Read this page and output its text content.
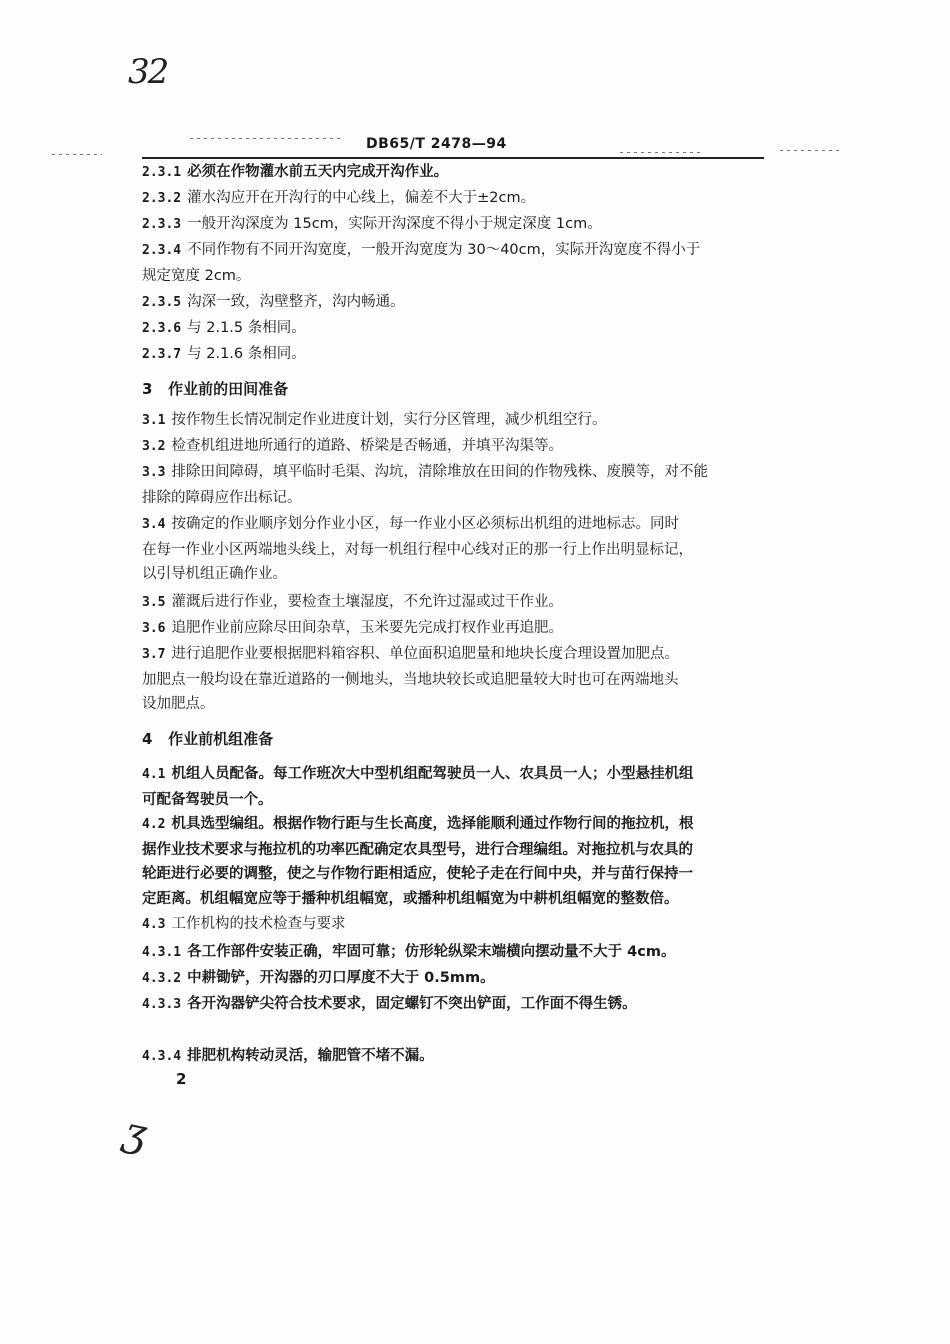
32
DB65/T 2478—94

2.3.1 必须在作物灌水前五天内完成开沟作业。

2.3.2 灌水沟应开在开沟行的中心线上，偏差不大于±2cm。

2.3.3 一般开沟深度为 15cm，实际开沟深度不得小于规定深度 1cm。

2.3.4 不同作物有不同开沟宽度，一般开沟宽度为 30～40cm，实际开沟宽度不得小于
规定宽度 2cm。

2.3.5 沟深一致，沟壁整齐，沟内畅通。

2.3.6 与 2.1.5 条相同。

2.3.7 与 2.1.6 条相同。

3 作业前的田间准备

3.1 按作物生长情况制定作业进度计划，实行分区管理，减少机组空行。

3.2 检查机组进地所通行的道路、桥梁是否畅通，并填平沟渠等。

3.3 排除田间障碍，填平临时毛渠、沟坑，清除堆放在田间的作物残株、废膜等，对不能
排除的障碍应作出标记。

3.4 按确定的作业顺序划分作业小区，每一作业小区必须标出机组的进地标志。同时
在每一作业小区两端地头线上，对每一机组行程中心线对正的那一行上作出明显标记，
以引导机组正确作业。

3.5 灌溉后进行作业，要检查土壤湿度，不允许过湿或过干作业。

3.6 追肥作业前应除尽田间杂草，玉米要先完成打杈作业再追肥。

3.7 进行追肥作业要根据肥料箱容积、单位面积追肥量和地块长度合理设置加肥点。
加肥点一般均设在靠近道路的一侧地头，当地块较长或追肥量较大时也可在两端地头
设加肥点。

4 作业前机组准备

4.1 机组人员配备。每工作班次大中型机组配驾驶员一人、农具员一人；小型悬挂机组
可配备驾驶员一个。

4.2 机具选型编组。根据作物行距与生长高度，选择能顺利通过作物行间的拖拉机，根
据作业技术要求与拖拉机的功率匹配确定农具型号，进行合理编组。对拖拉机与农具的
轮距进行必要的调整，使之与作物行距相适应，使轮子走在行间中央，并与苗行保持一
定距离。机组幅宽应等于播种机组幅宽，或播种机组幅宽为中耕机组幅宽的整数倍。

4.3 工作机构的技术检查与要求

4.3.1 各工作部件安装正确，牢固可靠；仿形轮纵梁末端横向摆动量不大于 4cm。

4.3.2 中耕锄铲，开沟器的刃口厚度不大于 0.5mm。

4.3.3 各开沟器铲尖符合技术要求，固定螺钉不突出铲面，工作面不得生锈。

4.3.4 排肥机构转动灵活，输肥管不堵不漏。

2
ʒ
